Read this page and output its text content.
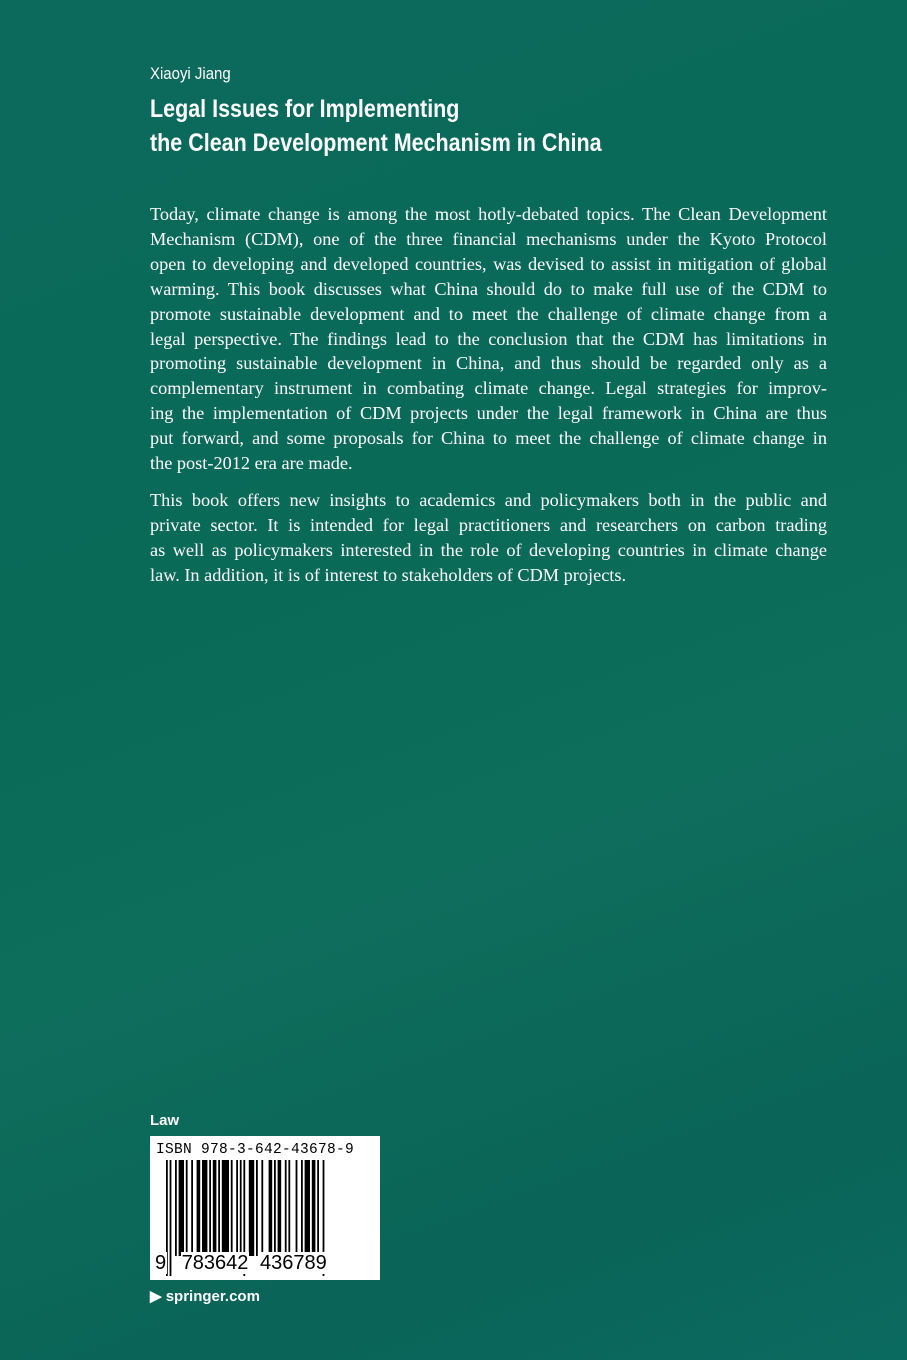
Xiaoyi Jiang
Legal Issues for Implementing
the Clean Development Mechanism in China
Today, climate change is among the most hotly-debated topics. The Clean Development
Mechanism (CDM), one of the three financial mechanisms under the Kyoto Protocol
open to developing and developed countries, was devised to assist in mitigation of global
warming. This book discusses what China should do to make full use of the CDM to
promote sustainable development and to meet the challenge of climate change from a
legal perspective. The findings lead to the conclusion that the CDM has limitations in
promoting sustainable development in China, and thus should be regarded only as a
complementary instrument in combating climate change. Legal strategies for improv-
ing the implementation of CDM projects under the legal framework in China are thus
put forward, and some proposals for China to meet the challenge of climate change in
the post-2012 era are made.
This book offers new insights to academics and policymakers both in the public and
private sector. It is intended for legal practitioners and researchers on carbon trading
as well as policymakers interested in the role of developing countries in climate change
law. In addition, it is of interest to stakeholders of CDM projects.
Law
ISBN 978-3-642-43678-9
9 783642 436789
▶ springer.com
